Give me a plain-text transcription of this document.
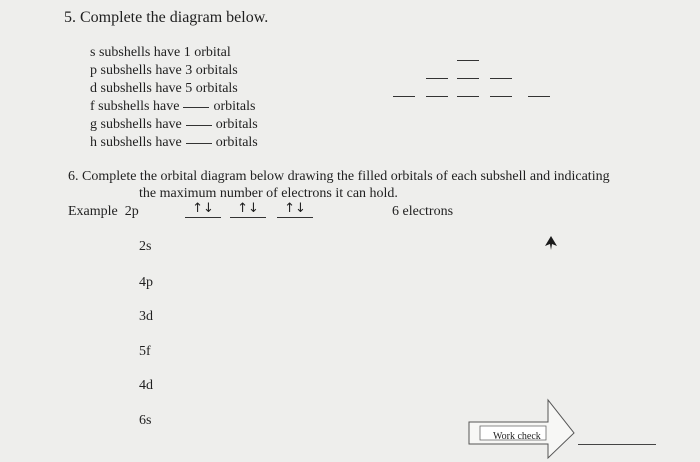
5. Complete the diagram below.
s subshells have 1 orbital
p subshells have 3 orbitals
d subshells have 5 orbitals
f subshells have orbitals
g subshells have orbitals
h subshells have orbitals
6. Complete the orbital diagram below drawing the filled orbitals of each subshell and indicating
the maximum number of electrons it can hold.
Example 2p	↑↓	↑↓	↑↓	6 electrons
2s
4p
3d
5f
4d
6s
Work check
